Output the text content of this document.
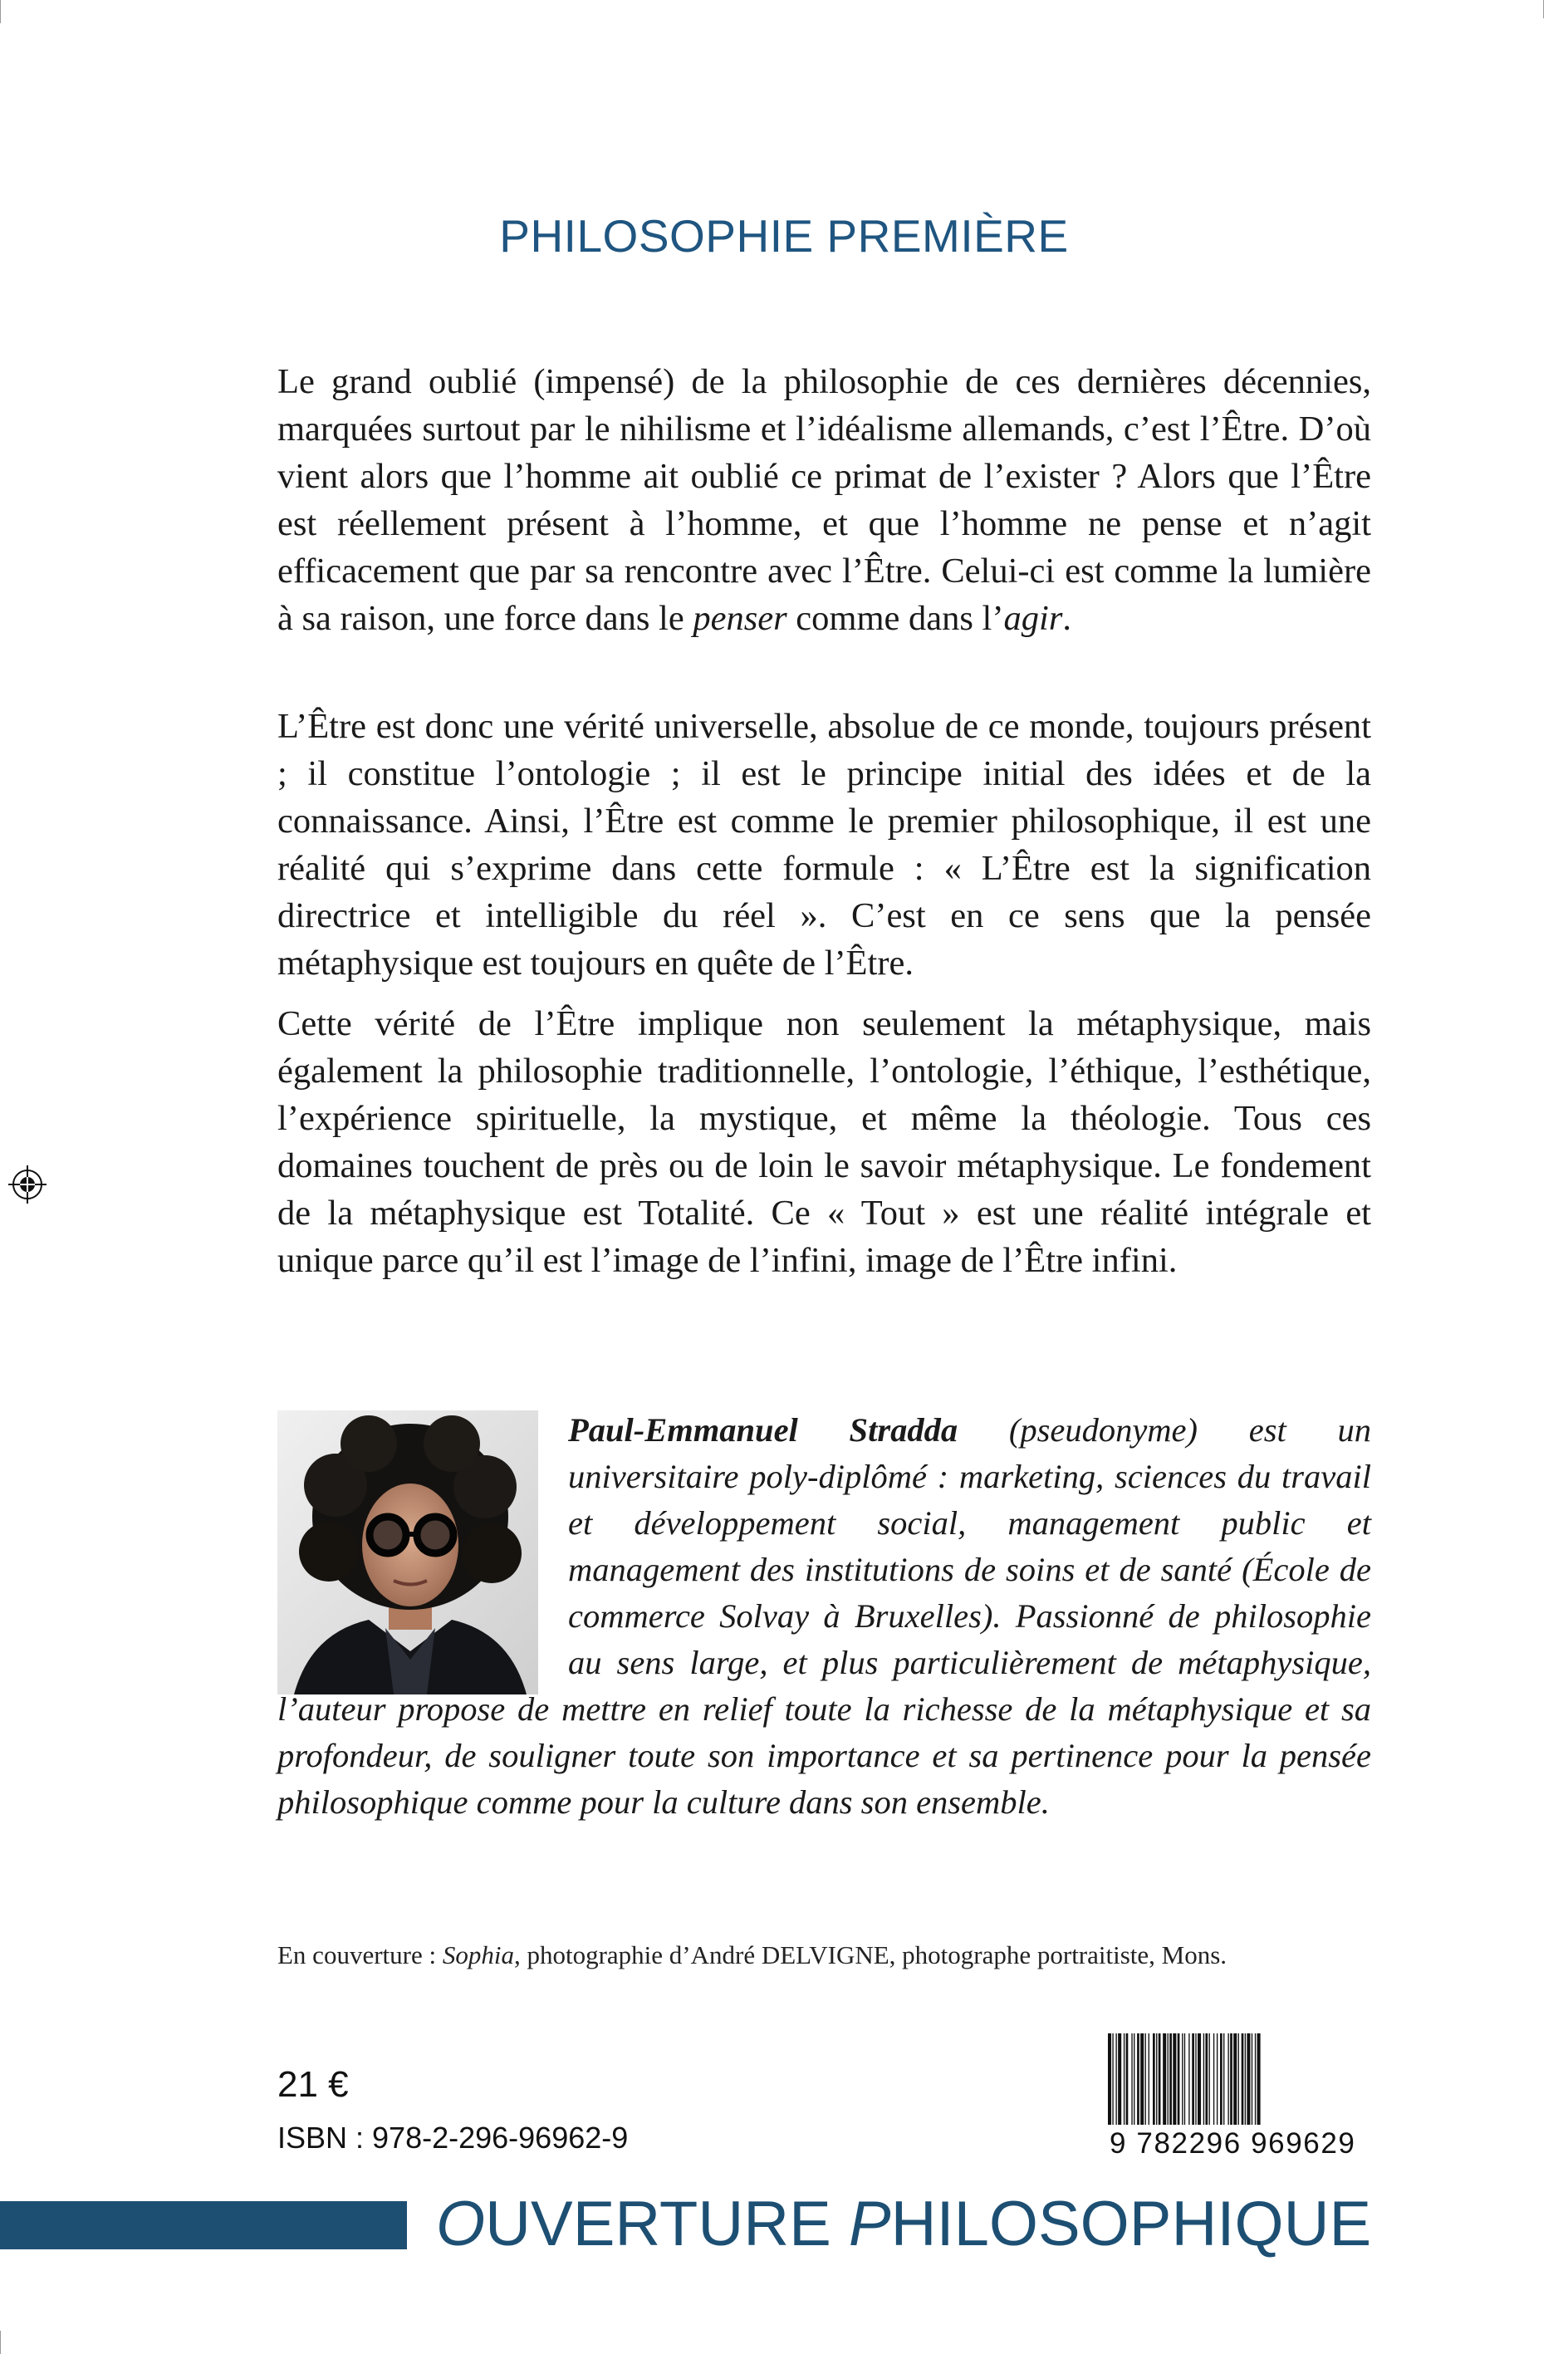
PHILOSOPHIE PREMIÈRE

Le grand oublié (impensé) de la philosophie de ces dernières décennies, marquées surtout par le nihilisme et l’idéalisme allemands, c’est l’Être. D’où vient alors que l’homme ait oublié ce primat de l’exister ? Alors que l’Être est réellement présent à l’homme, et que l’homme ne pense et n’agit efficacement que par sa rencontre avec l’Être. Celui-ci est comme la lumière à sa raison, une force dans le penser comme dans l’agir.

L’Être est donc une vérité universelle, absolue de ce monde, toujours présent ; il constitue l’ontologie ; il est le principe initial des idées et de la connaissance. Ainsi, l’Être est comme le premier philosophique, il est une réalité qui s’exprime dans cette formule : « L’Être est la signification directrice et intelligible du réel ». C’est en ce sens que la pensée métaphysique est toujours en quête de l’Être.

Cette vérité de l’Être implique non seulement la métaphysique, mais également la philosophie traditionnelle, l’ontologie, l’éthique, l’esthétique, l’expérience spirituelle, la mystique, et même la théologie. Tous ces domaines touchent de près ou de loin le savoir métaphysique. Le fondement de la métaphysique est Totalité. Ce « Tout » est une réalité intégrale et unique parce qu’il est l’image de l’infini, image de l’Être infini.

Paul-Emmanuel Stradda (pseudonyme) est un universitaire poly-diplômé : marketing, sciences du travail et développement social, management public et management des institutions de soins et de santé (École de commerce Solvay à Bruxelles). Passionné de philosophie au sens large, et plus particulièrement de métaphysique, l’auteur propose de mettre en relief toute la richesse de la métaphysique et sa profondeur, de souligner toute son importance et sa pertinence pour la pensée philosophique comme pour la culture dans son ensemble.

En couverture : Sophia, photographie d’André DELVIGNE, photographe portraitiste, Mons.
21 €
ISBN : 978-2-296-96962-9	9 782296 969629
OUVERTURE PHILOSOPHIQUE
